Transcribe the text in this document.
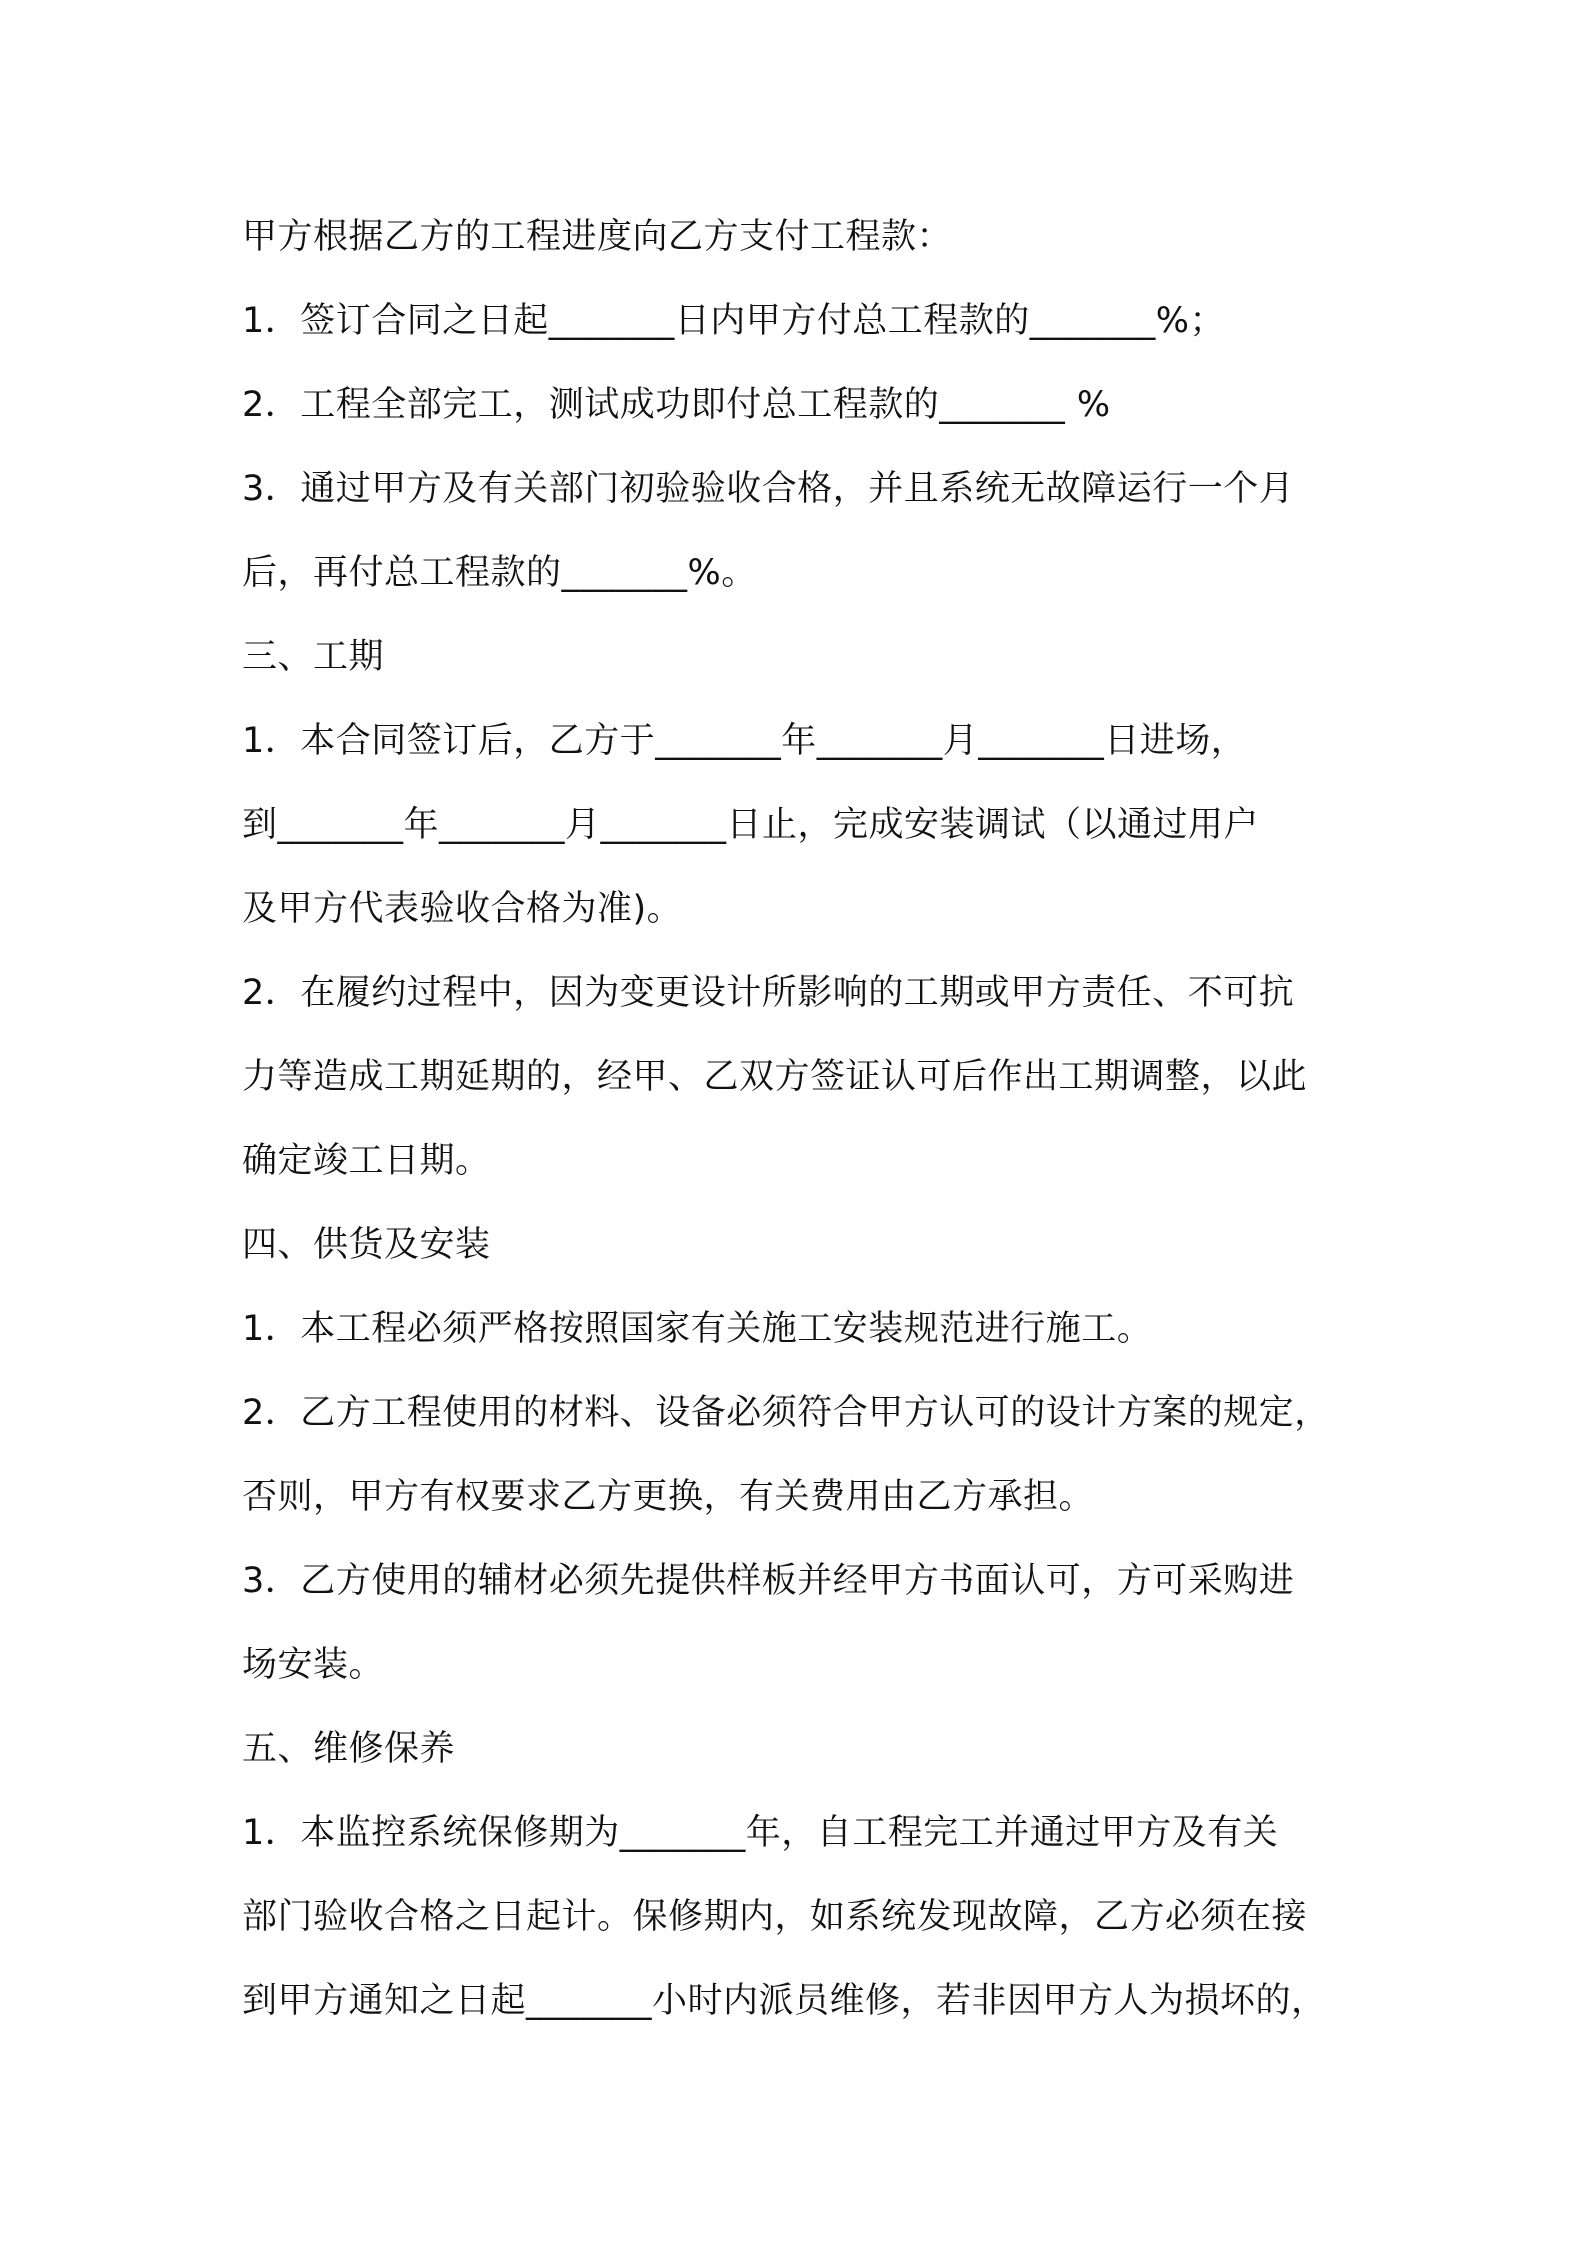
甲方根据乙方的工程进度向乙方支付工程款：
1．签订合同之日起_______日内甲方付总工程款的_______%；
2．工程全部完工，测试成功即付总工程款的_______ %
3．通过甲方及有关部门初验验收合格，并且系统无故障运行一个月
后，再付总工程款的_______%。
三、工期
1．本合同签订后，乙方于_______年_______月_______日进场，
到_______年_______月_______日止，完成安装调试（以通过用户
及甲方代表验收合格为准)。
2．在履约过程中，因为变更设计所影响的工期或甲方责任、不可抗
力等造成工期延期的，经甲、乙双方签证认可后作出工期调整，以此
确定竣工日期。
四、供货及安装
1．本工程必须严格按照国家有关施工安装规范进行施工。
2．乙方工程使用的材料、设备必须符合甲方认可的设计方案的规定，
否则，甲方有权要求乙方更换，有关费用由乙方承担。
3．乙方使用的辅材必须先提供样板并经甲方书面认可，方可采购进
场安装。
五、维修保养
1．本监控系统保修期为_______年，自工程完工并通过甲方及有关
部门验收合格之日起计。保修期内，如系统发现故障，乙方必须在接
到甲方通知之日起_______小时内派员维修，若非因甲方人为损坏的，
